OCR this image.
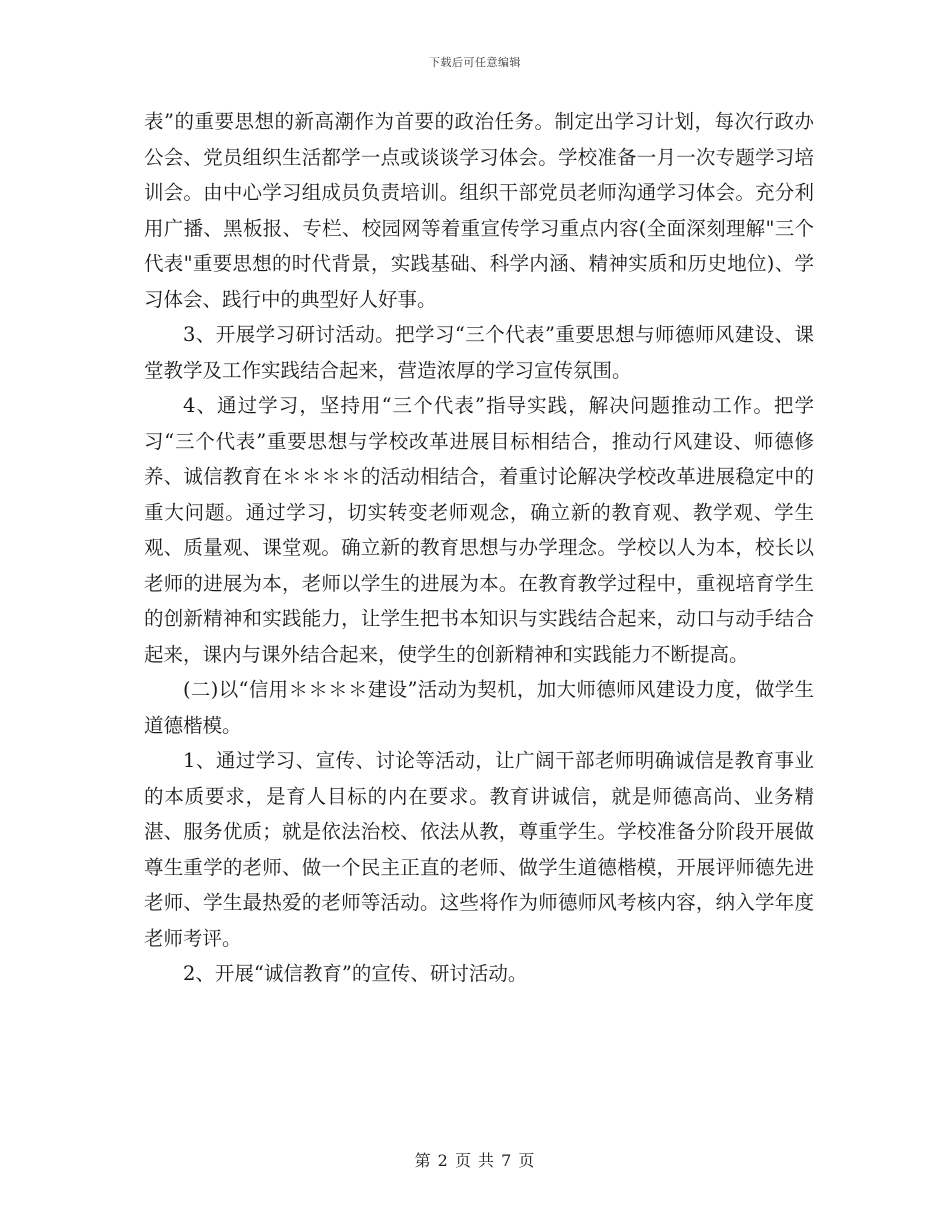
下载后可任意编辑

表”的重要思想的新高潮作为首要的政治任务。制定出学习计划，每次行政办公会、党员组织生活都学一点或谈谈学习体会。学校准备一月一次专题学习培训会。由中心学习组成员负责培训。组织干部党员老师沟通学习体会。充分利用广播、黑板报、专栏、校园网等着重宣传学习重点内容(全面深刻理解"三个代表"重要思想的时代背景，实践基础、科学内涵、精神实质和历史地位)、学习体会、践行中的典型好人好事。

3、开展学习研讨活动。把学习“三个代表”重要思想与师德师风建设、课堂教学及工作实践结合起来，营造浓厚的学习宣传氛围。

4、通过学习，坚持用“三个代表”指导实践，解决问题推动工作。把学习“三个代表”重要思想与学校改革进展目标相结合，推动行风建设、师德修养、诚信教育在＊＊＊＊的活动相结合，着重讨论解决学校改革进展稳定中的重大问题。通过学习，切实转变老师观念，确立新的教育观、教学观、学生观、质量观、课堂观。确立新的教育思想与办学理念。学校以人为本，校长以老师的进展为本，老师以学生的进展为本。在教育教学过程中，重视培育学生的创新精神和实践能力，让学生把书本知识与实践结合起来，动口与动手结合起来，课内与课外结合起来，使学生的创新精神和实践能力不断提高。

(二)以“信用＊＊＊＊建设”活动为契机，加大师德师风建设力度，做学生道德楷模。

1、通过学习、宣传、讨论等活动，让广阔干部老师明确诚信是教育事业的本质要求，是育人目标的内在要求。教育讲诚信，就是师德高尚、业务精湛、服务优质；就是依法治校、依法从教，尊重学生。学校准备分阶段开展做尊生重学的老师、做一个民主正直的老师、做学生道德楷模，开展评师德先进老师、学生最热爱的老师等活动。这些将作为师德师风考核内容，纳入学年度老师考评。

2、开展“诚信教育”的宣传、研讨活动。

第 2 页 共 7 页
